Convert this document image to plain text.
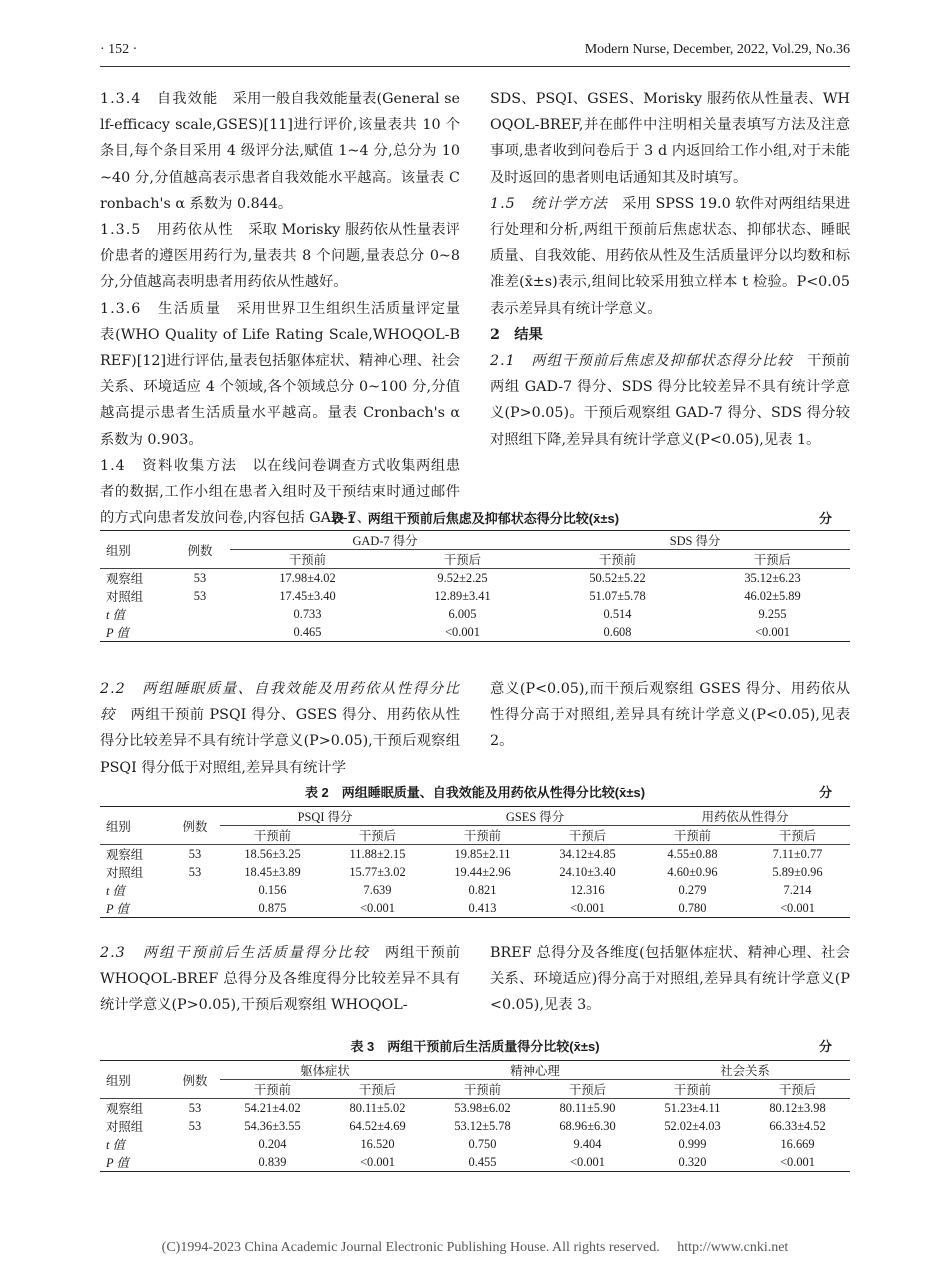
· 152 ·	Modern Nurse, December, 2022, Vol.29, No.36

1.3.4　自我效能　采用一般自我效能量表(General self-efficacy scale,GSES)[11]进行评价,该量表共 10 个条目,每个条目采用 4 级评分法,赋值 1~4 分,总分为 10~40 分,分值越高表示患者自我效能水平越高。该量表 Cronbach's α 系数为 0.844。

1.3.5　用药依从性　采取 Morisky 服药依从性量表评价患者的遵医用药行为,量表共 8 个问题,量表总分 0~8 分,分值越高表明患者用药依从性越好。

1.3.6　生活质量　采用世界卫生组织生活质量评定量表(WHO Quality of Life Rating Scale,WHOQOL-BREF)[12]进行评估,量表包括躯体症状、精神心理、社会关系、环境适应 4 个领域,各个领域总分 0~100 分,分值越高提示患者生活质量水平越高。量表 Cronbach's α 系数为 0.903。

1.4　资料收集方法　以在线问卷调查方式收集两组患者的数据,工作小组在患者入组时及干预结束时通过邮件的方式向患者发放问卷,内容包括 GAD-7、

SDS、PSQI、GSES、Morisky 服药依从性量表、WHOQOL-BREF,并在邮件中注明相关量表填写方法及注意事项,患者收到问卷后于 3 d 内返回给工作小组,对于未能及时返回的患者则电话通知其及时填写。

1.5　统计学方法　采用 SPSS 19.0 软件对两组结果进行处理和分析,两组干预前后焦虑状态、抑郁状态、睡眠质量、自我效能、用药依从性及生活质量评分以均数和标准差(x̄±s)表示,组间比较采用独立样本 t 检验。P<0.05 表示差异具有统计学意义。

2　结果

2.1　两组干预前后焦虑及抑郁状态得分比较　干预前两组 GAD-7 得分、SDS 得分比较差异不具有统计学意义(P>0.05)。干预后观察组 GAD-7 得分、SDS 得分较对照组下降,差异具有统计学意义(P<0.05),见表 1。

表 1　两组干预前后焦虑及抑郁状态得分比较(x̄±s)	分
组别	例数	GAD-7 得分		SDS 得分	
		干预前	干预后	干预前	干预后
观察组	53	17.98±4.02	9.52±2.25	50.52±5.22	35.12±6.23
对照组	53	17.45±3.40	12.89±3.41	51.07±5.78	46.02±5.89
t 值		0.733	6.005	0.514	9.255
P 值		0.465	<0.001	0.608	<0.001

2.2　两组睡眠质量、自我效能及用药依从性得分比较　两组干预前 PSQI 得分、GSES 得分、用药依从性得分比较差异不具有统计学意义(P>0.05),干预后观察组 PSQI 得分低于对照组,差异具有统计学

意义(P<0.05),而干预后观察组 GSES 得分、用药依从性得分高于对照组,差异具有统计学意义(P<0.05),见表 2。

表 2　两组睡眠质量、自我效能及用药依从性得分比较(x̄±s)	分
组别	例数	PSQI 得分		GSES 得分		用药依从性得分	
		干预前	干预后	干预前	干预后	干预前	干预后
观察组	53	18.56±3.25	11.88±2.15	19.85±2.11	34.12±4.85	4.55±0.88	7.11±0.77
对照组	53	18.45±3.89	15.77±3.02	19.44±2.96	24.10±3.40	4.60±0.96	5.89±0.96
t 值		0.156	7.639	0.821	12.316	0.279	7.214
P 值		0.875	<0.001	0.413	<0.001	0.780	<0.001

2.3　两组干预前后生活质量得分比较　两组干预前 WHOQOL-BREF 总得分及各维度得分比较差异不具有统计学意义(P>0.05),干预后观察组 WHOQOL-

BREF 总得分及各维度(包括躯体症状、精神心理、社会关系、环境适应)得分高于对照组,差异具有统计学意义(P<0.05),见表 3。

表 3　两组干预前后生活质量得分比较(x̄±s)	分
组别	例数	躯体症状		精神心理		社会关系	
		干预前	干预后	干预前	干预后	干预前	干预后
观察组	53	54.21±4.02	80.11±5.02	53.98±6.02	80.11±5.90	51.23±4.11	80.12±3.98
对照组	53	54.36±3.55	64.52±4.69	53.12±5.78	68.96±6.30	52.02±4.03	66.33±4.52
t 值		0.204	16.520	0.750	9.404	0.999	16.669
P 值		0.839	<0.001	0.455	<0.001	0.320	<0.001
(C)1994-2023 China Academic Journal Electronic Publishing House. All rights reserved.　 http://www.cnki.net
